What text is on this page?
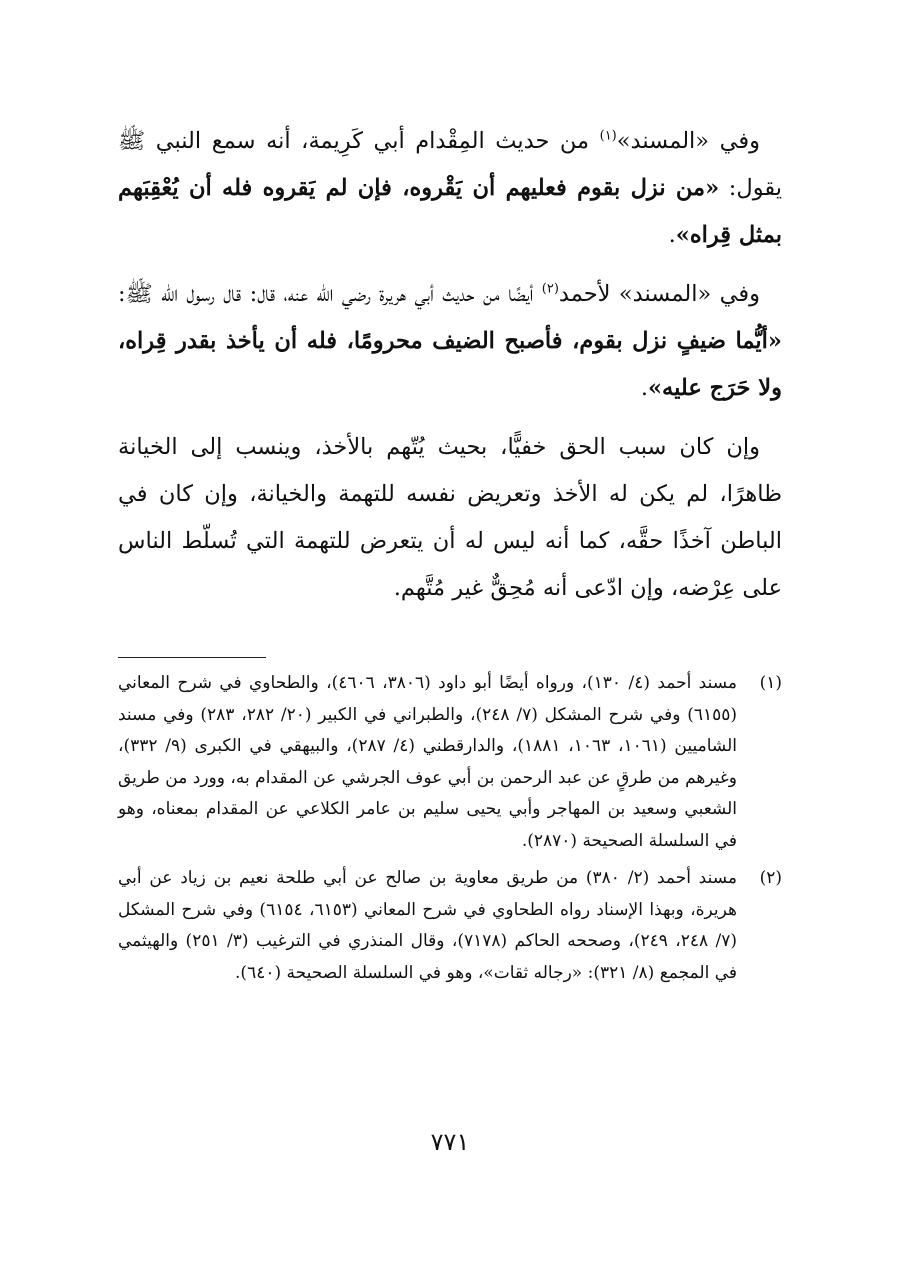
وفي «المسند»$^{(١)}$ من حديث المِقْدام أبي كَرِيمة، أنه سمع النبي ﷺ يقول: «من نزل بقوم فعليهم أن يَقْروه، فإن لم يَقروه فله أن يُعْقِبَهم بمثل قِراه».

وفي «المسند» لأحمد$^{(٢)}$ أيضًا من حديث أبي هريرة رضي الله عنه، قال: قال رسول الله ﷺ: «أيُّما ضيفٍ نزل بقوم، فأصبح الضيف محرومًا، فله أن يأخذ بقدر قِراه، ولا حَرَج عليه».

وإن كان سبب الحق خفيًّا، بحيث يُتّهم بالأخذ، وينسب إلى الخيانة ظاهرًا، لم يكن له الأخذ وتعريض نفسه للتهمة والخيانة، وإن كان في الباطن آخذًا حقَّه، كما أنه ليس له أن يتعرض للتهمة التي تُسلّط الناس على عِرْضه، وإن ادّعى أنه مُحِقٌّ غير مُتَّهم.

(١)
مسند أحمد (٤/ ١٣٠)، ورواه أيضًا أبو داود (٣٨٠٦، ٤٦٠٦)، والطحاوي في شرح المعاني (٦١٥٥) وفي شرح المشكل (٧/ ٢٤٨)، والطبراني في الكبير (٢٠/ ٢٨٢، ٢٨٣) وفي مسند الشاميين (١٠٦١، ١٠٦٣، ١٨٨١)، والدارقطني (٤/ ٢٨٧)، والبيهقي في الكبرى (٩/ ٣٣٢)، وغيرهم من طرقٍ عن عبد الرحمن بن أبي عوف الجرشي عن المقدام به، وورد من طريق الشعبي وسعيد بن المهاجر وأبي يحيى سليم بن عامر الكلاعي عن المقدام بمعناه، وهو في السلسلة الصحيحة (٢٨٧٠).

(٢)
مسند أحمد (٢/ ٣٨٠) من طريق معاوية بن صالح عن أبي طلحة نعيم بن زياد عن أبي هريرة، وبهذا الإسناد رواه الطحاوي في شرح المعاني (٦١٥٣، ٦١٥٤) وفي شرح المشكل (٧/ ٢٤٨، ٢٤٩)، وصححه الحاكم (٧١٧٨)، وقال المنذري في الترغيب (٣/ ٢٥١) والهيثمي في المجمع (٨/ ٣٢١): «رجاله ثقات»، وهو في السلسلة الصحيحة (٦٤٠).

٧٧١
